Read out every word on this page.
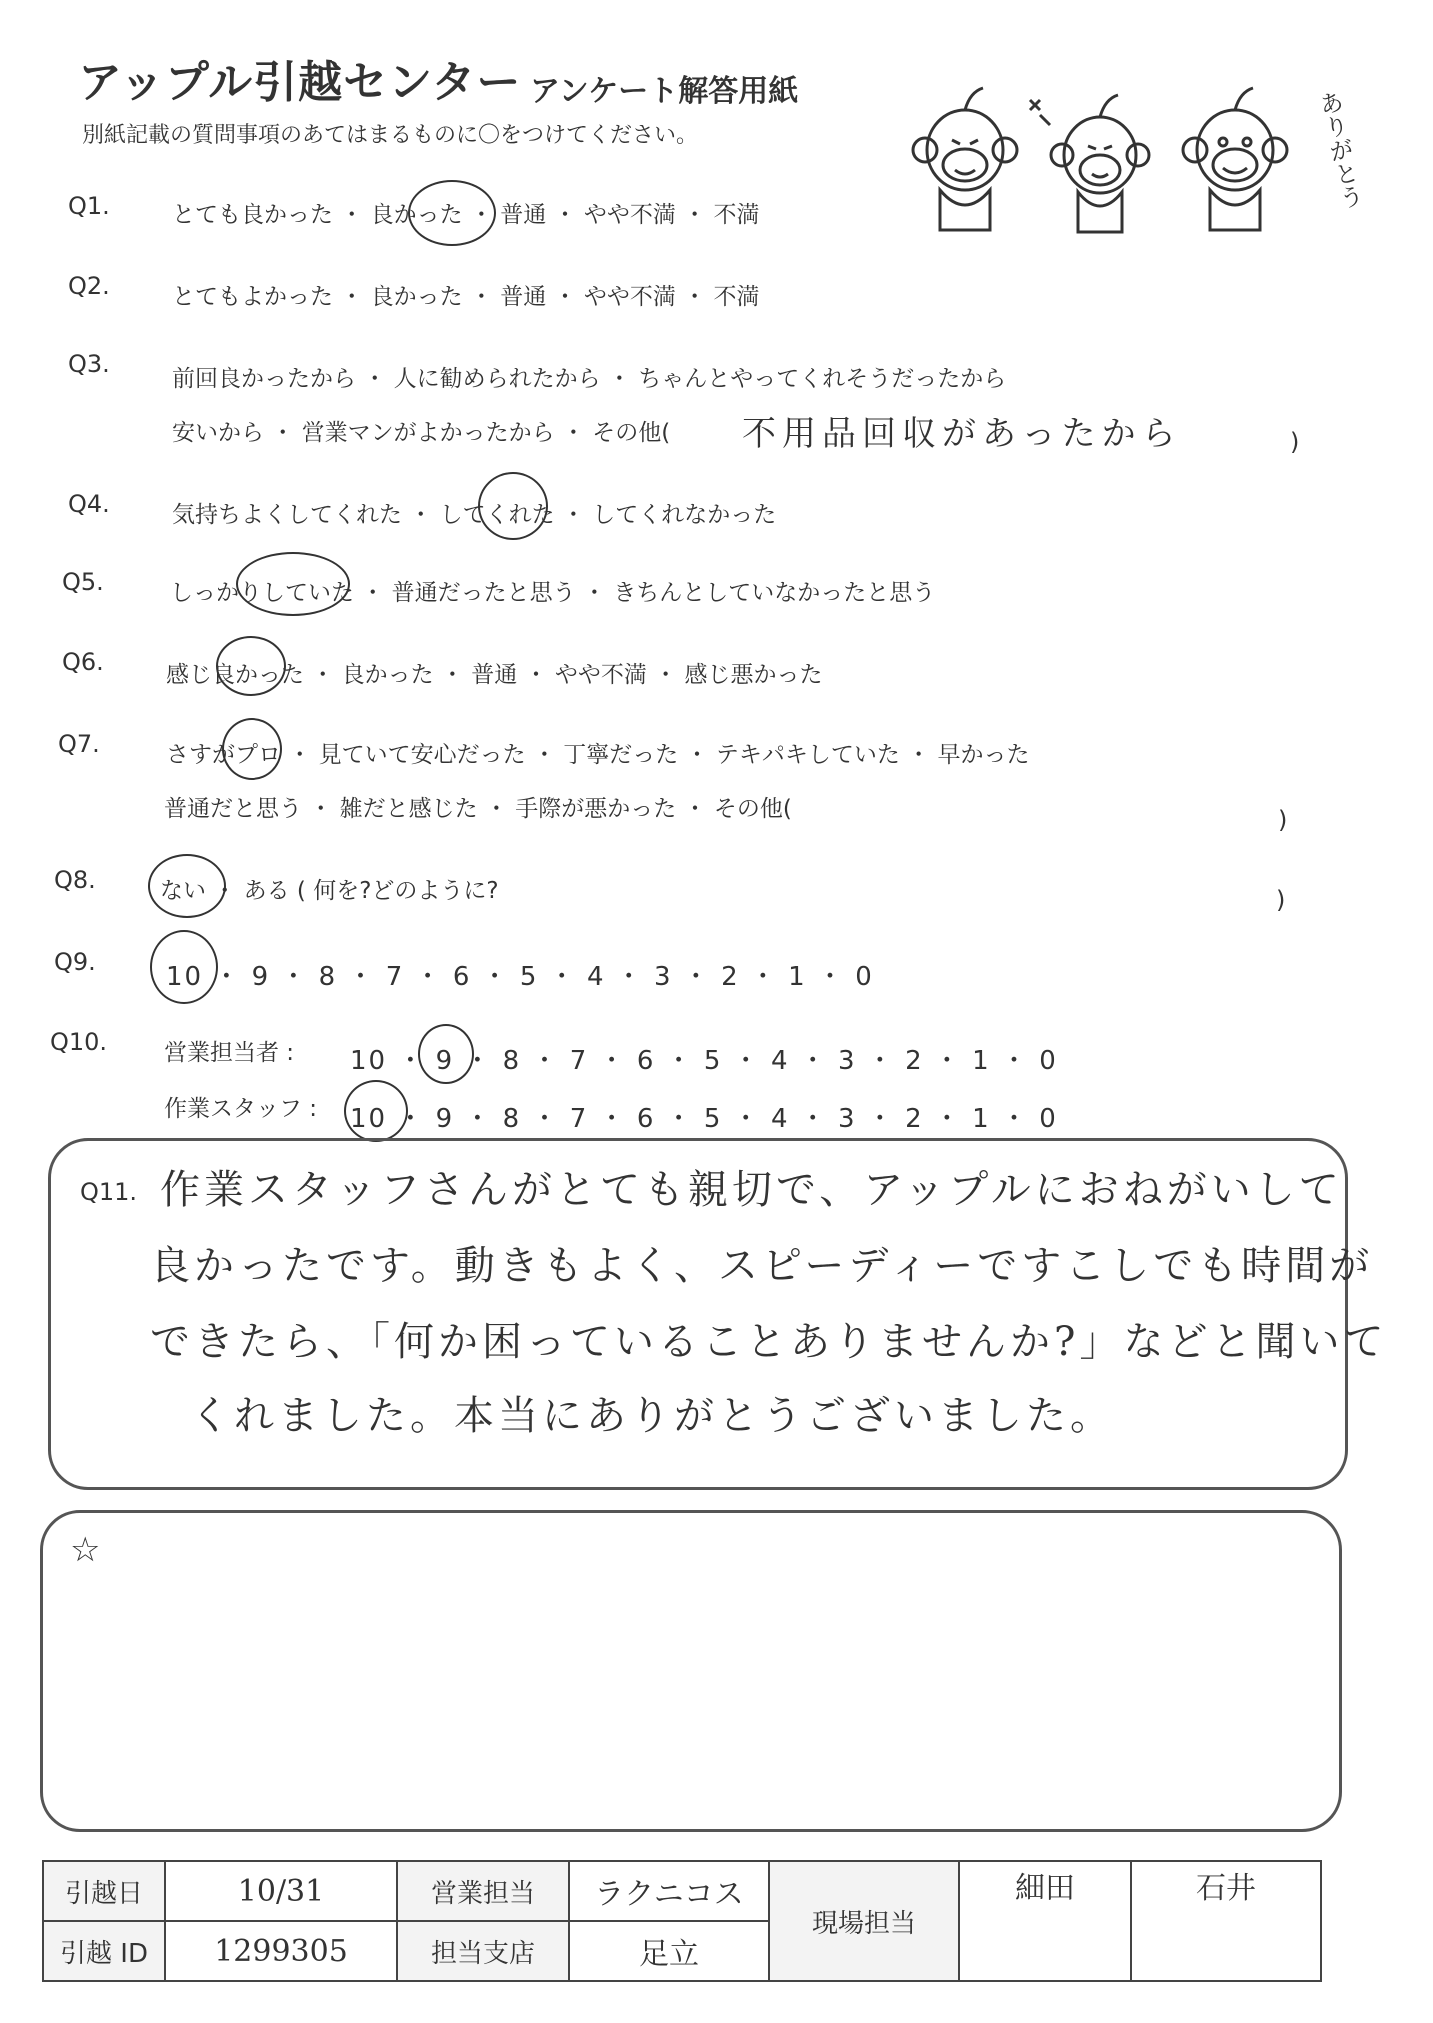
アップル引越センター アンケート解答用紙
別紙記載の質問事項のあてはまるものに〇をつけてください。	ありがとう
Q1.	とても良かった ・ 良かった ・ 普通 ・ やや不満 ・ 不満
Q2.	とてもよかった ・ 良かった ・ 普通 ・ やや不満 ・ 不満
Q3.
前回良かったから ・ 人に勧められたから ・ ちゃんとやってくれそうだったから
安いから ・ 営業マンがよかったから ・ その他( 不用品回収があったから	)
Q4.	気持ちよくしてくれた ・ してくれた ・ してくれなかった
Q5.	しっかりしていた ・ 普通だったと思う ・ きちんとしていなかったと思う
Q6.	感じ良かった ・ 良かった ・ 普通 ・ やや不満 ・ 感じ悪かった
Q7.	さすがプロ ・ 見ていて安心だった ・ 丁寧だった ・ テキパキしていた ・ 早かった
普通だと思う ・ 雑だと感じた ・ 手際が悪かった ・ その他(	)
Q8.	ない ・ ある ( 何を?どのように?	)
Q9.	10 ・ 9 ・ 8 ・ 7 ・ 6 ・ 5 ・ 4 ・ 3 ・ 2 ・ 1 ・ 0
Q10. 営業担当者 : 10 ・ 9 ・ 8 ・ 7 ・ 6 ・ 5 ・ 4 ・ 3 ・ 2 ・ 1 ・ 0
作業スタッフ : 10 ・ 9 ・ 8 ・ 7 ・ 6 ・ 5 ・ 4 ・ 3 ・ 2 ・ 1 ・ 0
Q11. 作業スタッフさんがとても親切で、アップルにおねがいして
良かったです。動きもよく、スピーディーですこしでも時間が
できたら、「何か困っていることありませんか?」などと聞いて
くれました。本当にありがとうございました。
☆
引越日	10/31	営業担当	ラクニコス	現場担当	細田	石井
引越 ID	1299305	担当支店	足立			
